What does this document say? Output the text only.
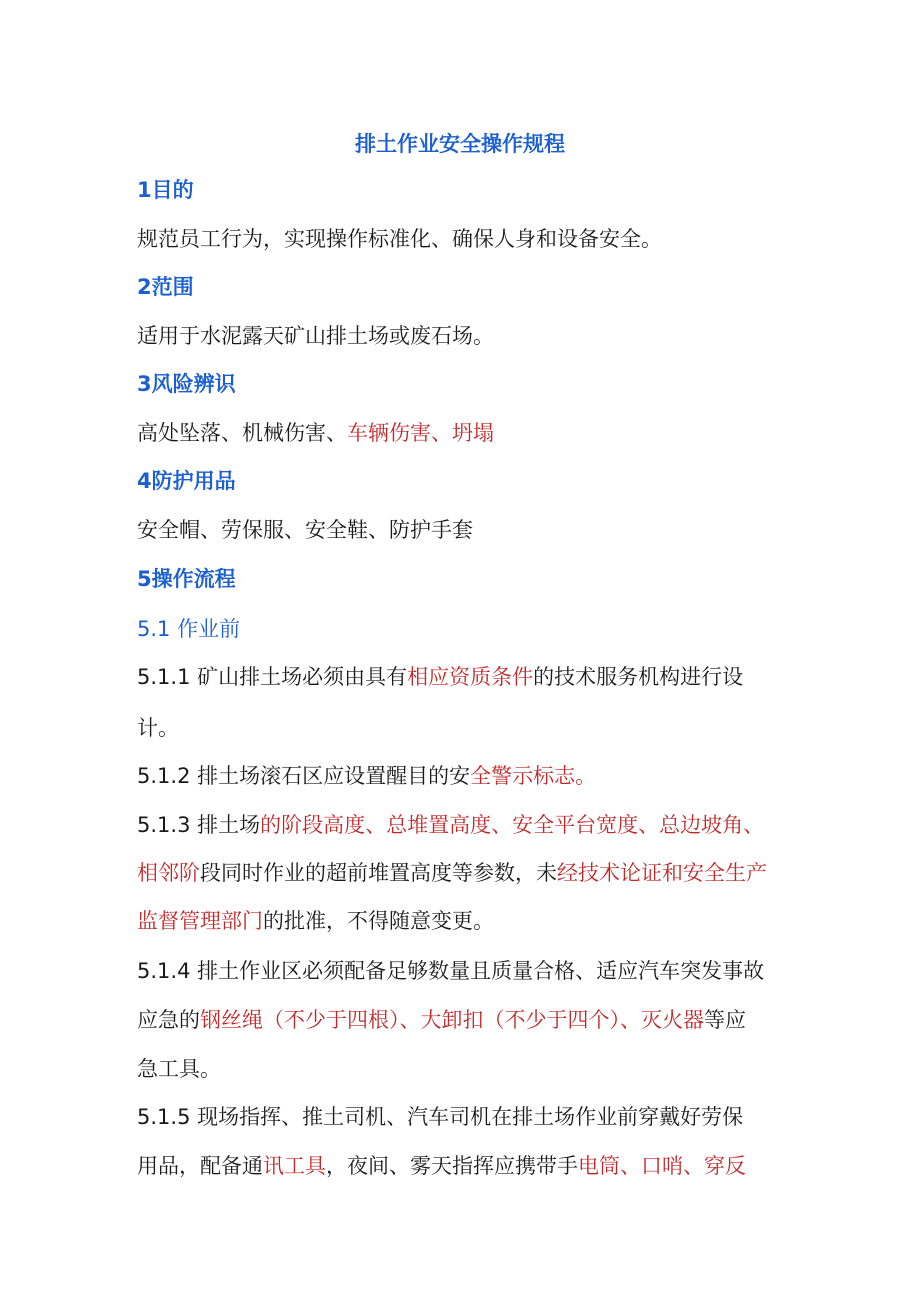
排土作业安全操作规程
1目的
规范员工行为，实现操作标准化、确保人身和设备安全。
2范围
适用于水泥露天矿山排土场或废石场。
3风险辨识
高处坠落、机械伤害、车辆伤害、坍塌
4防护用品
安全帽、劳保服、安全鞋、防护手套
5操作流程
5.1 作业前
5.1.1 矿山排土场必须由具有相应资质条件的技术服务机构进行设
计。
5.1.2 排土场滚石区应设置醒目的安全警示标志。
5.1.3 排土场的阶段高度、总堆置高度、安全平台宽度、总边坡角、
相邻阶段同时作业的超前堆置高度等参数，未经技术论证和安全生产
监督管理部门的批准，不得随意变更。
5.1.4 排土作业区必须配备足够数量且质量合格、适应汽车突发事故
应急的钢丝绳（不少于四根）、大卸扣（不少于四个）、灭火器等应
急工具。
5.1.5 现场指挥、推土司机、汽车司机在排土场作业前穿戴好劳保
用品，配备通讯工具，夜间、雾天指挥应携带手电筒、口哨、穿反
